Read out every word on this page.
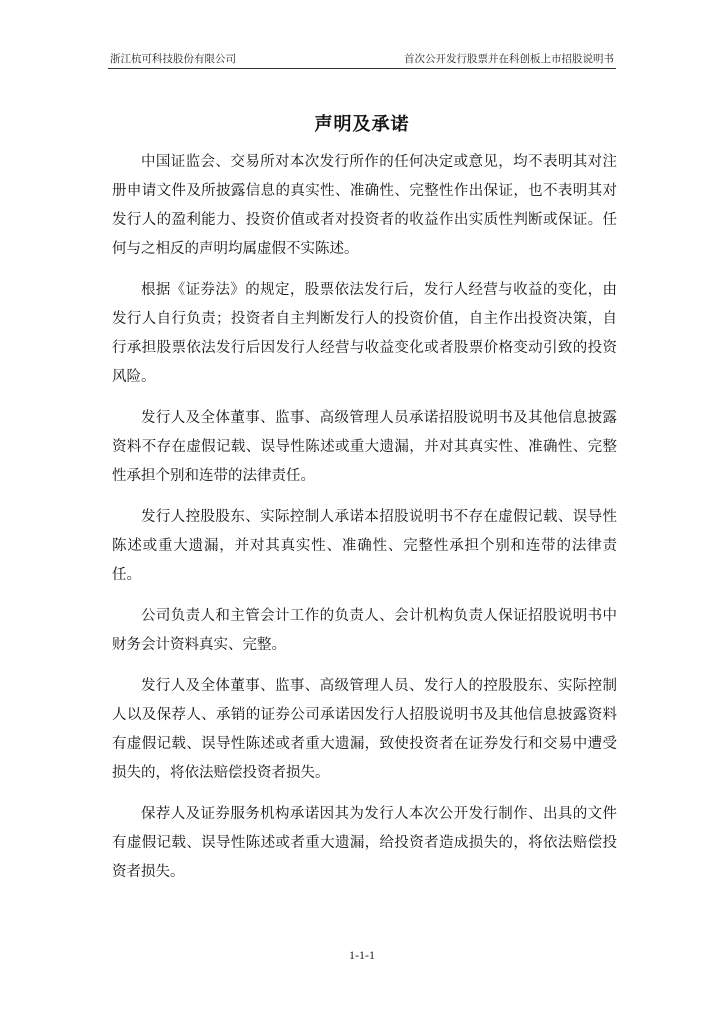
浙江杭可科技股份有限公司	首次公开发行股票并在科创板上市招股说明书
声明及承诺

中国证监会、交易所对本次发行所作的任何决定或意见，均不表明其对注册申请文件及所披露信息的真实性、准确性、完整性作出保证，也不表明其对发行人的盈利能力、投资价值或者对投资者的收益作出实质性判断或保证。任何与之相反的声明均属虚假不实陈述。

根据《证券法》的规定，股票依法发行后，发行人经营与收益的变化，由发行人自行负责；投资者自主判断发行人的投资价值，自主作出投资决策，自行承担股票依法发行后因发行人经营与收益变化或者股票价格变动引致的投资风险。

发行人及全体董事、监事、高级管理人员承诺招股说明书及其他信息披露资料不存在虚假记载、误导性陈述或重大遗漏，并对其真实性、准确性、完整性承担个别和连带的法律责任。

发行人控股股东、实际控制人承诺本招股说明书不存在虚假记载、误导性陈述或重大遗漏，并对其真实性、准确性、完整性承担个别和连带的法律责任。

公司负责人和主管会计工作的负责人、会计机构负责人保证招股说明书中财务会计资料真实、完整。

发行人及全体董事、监事、高级管理人员、发行人的控股股东、实际控制人以及保荐人、承销的证券公司承诺因发行人招股说明书及其他信息披露资料有虚假记载、误导性陈述或者重大遗漏，致使投资者在证券发行和交易中遭受损失的，将依法赔偿投资者损失。

保荐人及证券服务机构承诺因其为发行人本次公开发行制作、出具的文件有虚假记载、误导性陈述或者重大遗漏，给投资者造成损失的，将依法赔偿投资者损失。

1-1-1
